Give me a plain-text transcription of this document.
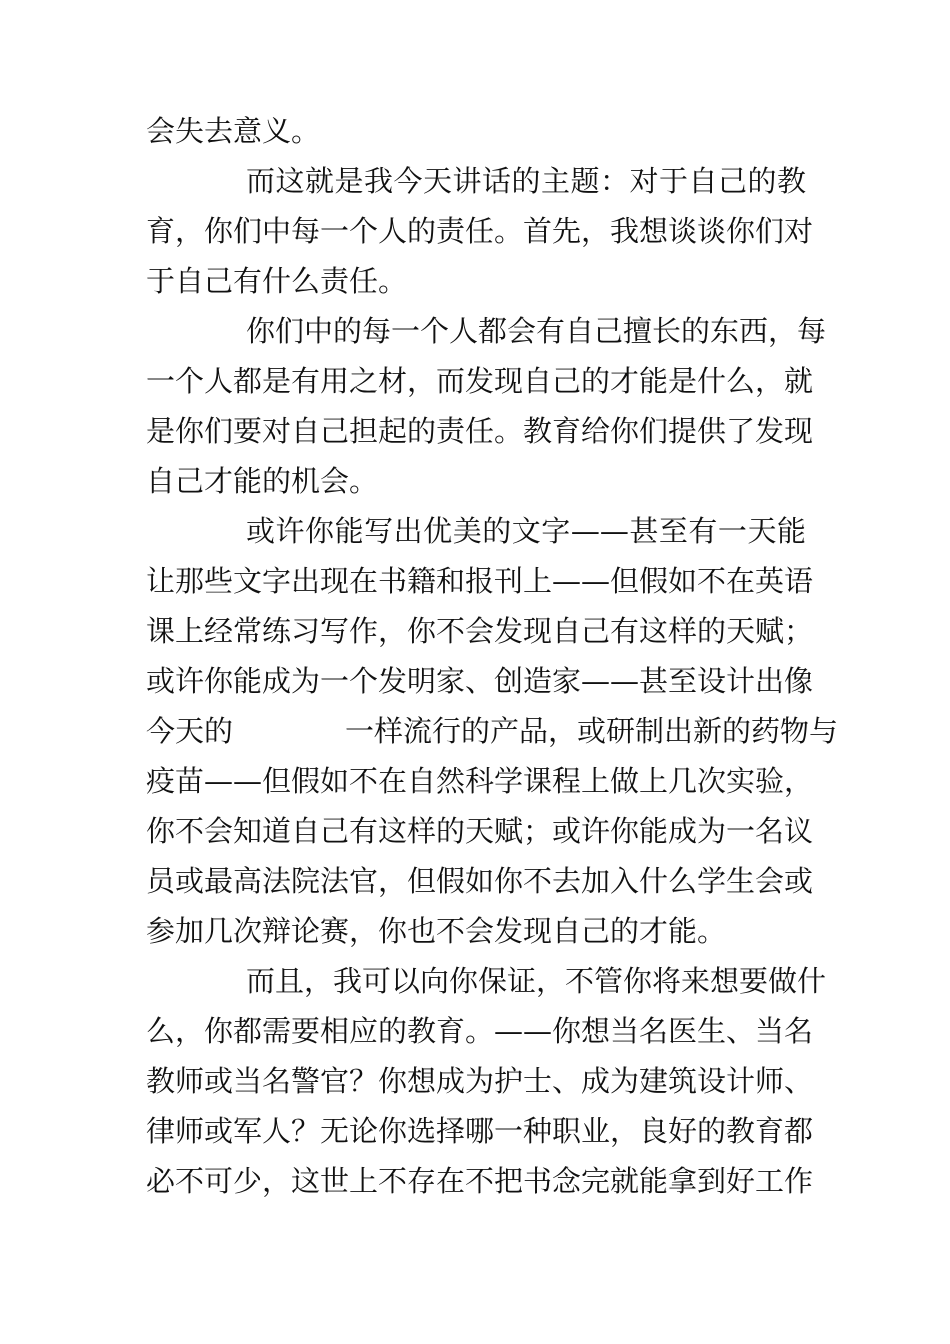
会失去意义。
而这就是我今天讲话的主题：对于自己的教
育，你们中每一个人的责任。首先，我想谈谈你们对
于自己有什么责任。
你们中的每一个人都会有自己擅长的东西，每
一个人都是有用之材，而发现自己的才能是什么，就
是你们要对自己担起的责任。教育给你们提供了发现
自己才能的机会。
或许你能写出优美的文字——甚至有一天能
让那些文字出现在书籍和报刊上——但假如不在英语
课上经常练习写作，你不会发现自己有这样的天赋；
或许你能成为一个发明家、创造家——甚至设计出像
今天的	一样流行的产品，或研制出新的药物与
疫苗——但假如不在自然科学课程上做上几次实验，
你不会知道自己有这样的天赋；或许你能成为一名议
员或最高法院法官，但假如你不去加入什么学生会或
参加几次辩论赛，你也不会发现自己的才能。
而且，我可以向你保证，不管你将来想要做什
么，你都需要相应的教育。——你想当名医生、当名
教师或当名警官？你想成为护士、成为建筑设计师、
律师或军人？无论你选择哪一种职业，良好的教育都
必不可少，这世上不存在不把书念完就能拿到好工作
